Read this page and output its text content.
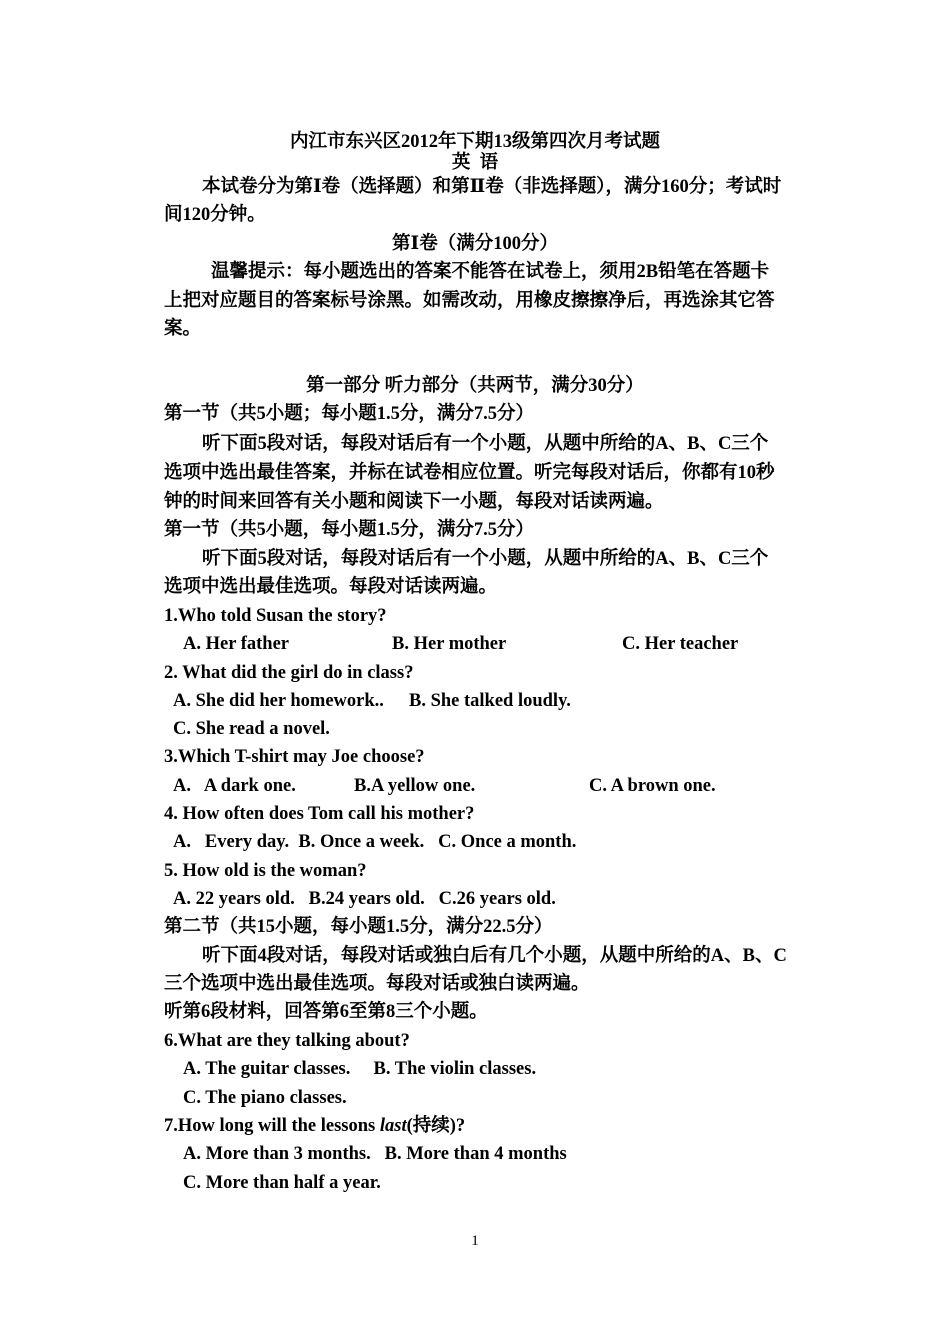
内江市东兴区2012年下期13级第四次月考试题
英  语
本试卷分为第Ⅰ卷（选择题）和第Ⅱ卷（非选择题），满分160分；考试时
间120分钟。
第Ⅰ卷（满分100分）
温馨提示：每小题选出的答案不能答在试卷上，须用2B铅笔在答题卡
上把对应题目的答案标号涂黑。如需改动，用橡皮擦擦净后，再选涂其它答
案。
第一部分 听力部分（共两节，满分30分）
第一节（共5小题；每小题1.5分，满分7.5分）
听下面5段对话，每段对话后有一个小题，从题中所给的A、B、C三个
选项中选出最佳答案，并标在试卷相应位置。听完每段对话后，你都有10秒
钟的时间来回答有关小题和阅读下一小题，每段对话读两遍。
第一节（共5小题，每小题1.5分，满分7.5分）
听下面5段对话，每段对话后有一个小题，从题中所给的A、B、C三个
选项中选出最佳选项。每段对话读两遍。
1.Who told Susan the story?
A. Her father	B. Her mother	C. Her teacher
2. What did the girl do in class?
A. She did her homework.. B. She talked loudly.
C. She read a novel.
3.Which T-shirt may Joe choose?
A.   A dark one.	B.A yellow one.	C. A brown one.
4. How often does Tom call his mother?
A.   Every day.  B. Once a week.   C. Once a month.
5. How old is the woman?
A. 22 years old.   B.24 years old.   C.26 years old.
第二节（共15小题，每小题1.5分，满分22.5分）
听下面4段对话，每段对话或独白后有几个小题，从题中所给的A、B、C
三个选项中选出最佳选项。每段对话或独白读两遍。
听第6段材料，回答第6至第8三个小题。
6.What are they talking about?
A. The guitar classes.     B. The violin classes.
C. The piano classes.
7.How long will the lessons last(持续)?
A. More than 3 months.   B. More than 4 months
C. More than half a year.
1
